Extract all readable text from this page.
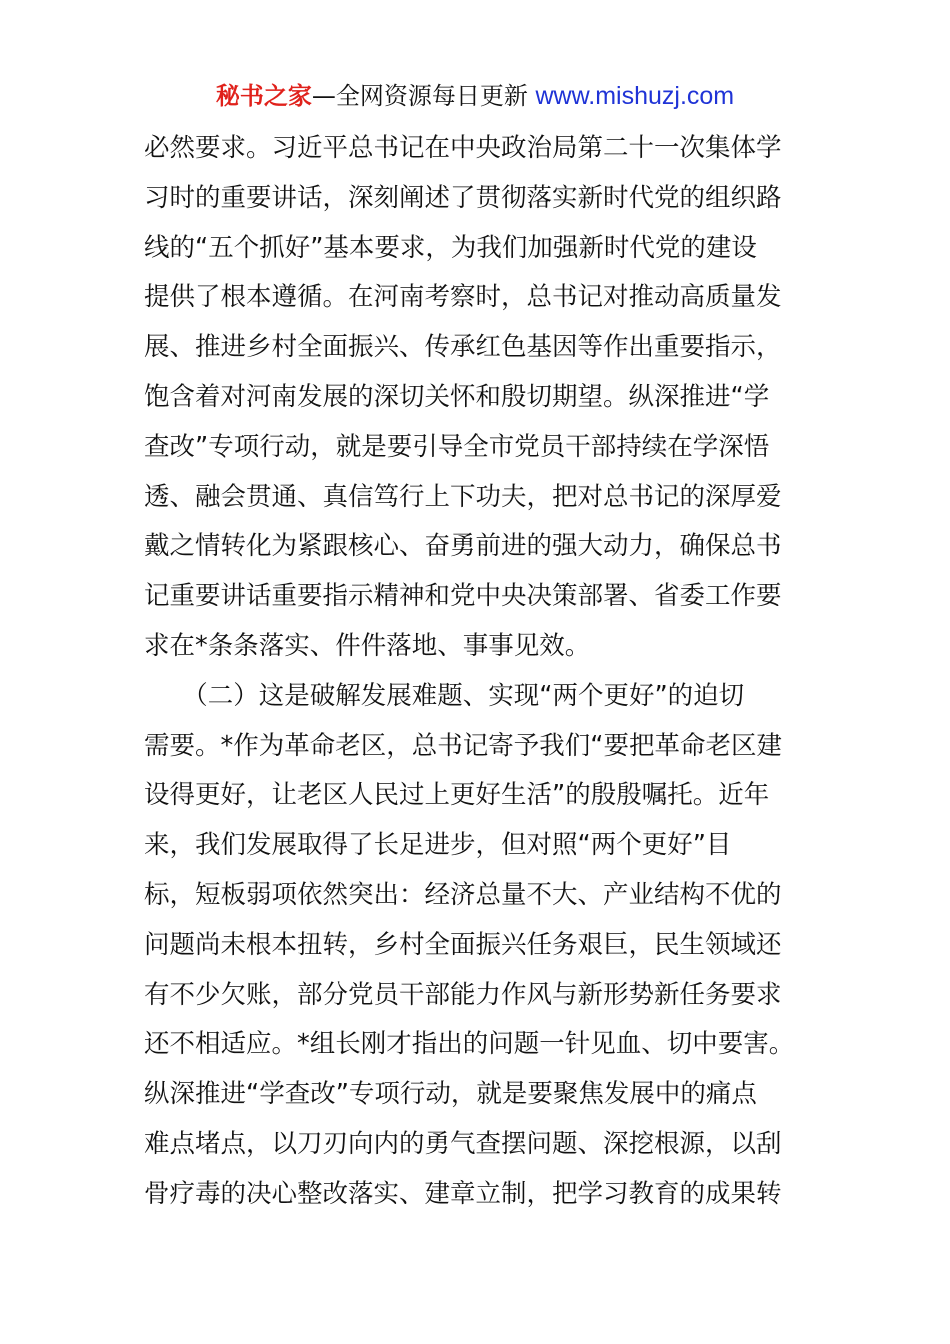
秘书之家—全网资源每日更新 www.mishuzj.com
必然要求。习近平总书记在中央政治局第二十一次集体学
习时的重要讲话，深刻阐述了贯彻落实新时代党的组织路
线的“五个抓好”基本要求，为我们加强新时代党的建设
提供了根本遵循。在河南考察时，总书记对推动高质量发
展、推进乡村全面振兴、传承红色基因等作出重要指示，
饱含着对河南发展的深切关怀和殷切期望。纵深推进“学
查改”专项行动，就是要引导全市党员干部持续在学深悟
透、融会贯通、真信笃行上下功夫，把对总书记的深厚爱
戴之情转化为紧跟核心、奋勇前进的强大动力，确保总书
记重要讲话重要指示精神和党中央决策部署、省委工作要
求在*条条落实、件件落地、事事见效。
　　（二）这是破解发展难题、实现“两个更好”的迫切
需要。*作为革命老区，总书记寄予我们“要把革命老区建
设得更好，让老区人民过上更好生活”的殷殷嘱托。近年
来，我们发展取得了长足进步，但对照“两个更好”目
标，短板弱项依然突出：经济总量不大、产业结构不优的
问题尚未根本扭转，乡村全面振兴任务艰巨，民生领域还
有不少欠账，部分党员干部能力作风与新形势新任务要求
还不相适应。*组长刚才指出的问题一针见血、切中要害。
纵深推进“学查改”专项行动，就是要聚焦发展中的痛点
难点堵点，以刀刃向内的勇气查摆问题、深挖根源，以刮
骨疗毒的决心整改落实、建章立制，把学习教育的成果转
